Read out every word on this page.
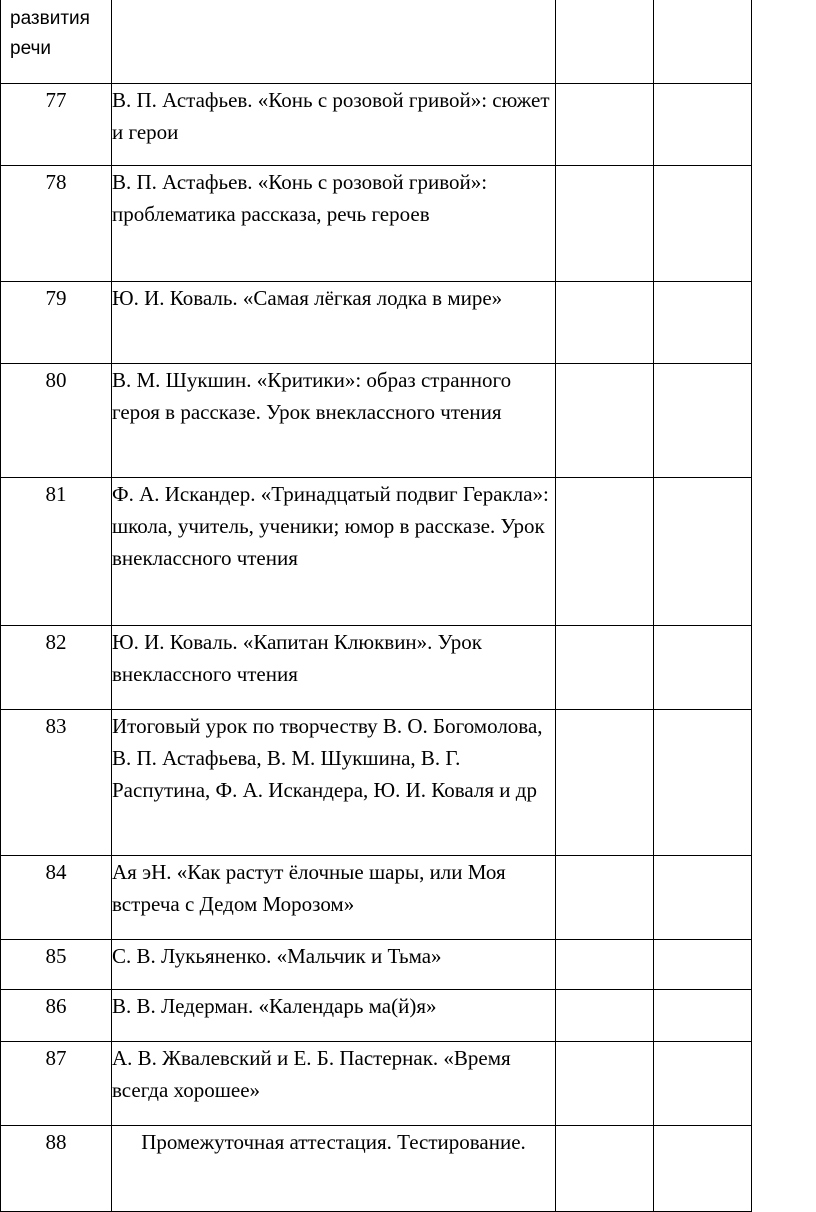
развития речи			
77	В. П. Астафьев. «Конь с розовой гривой»: сюжет и герои		
78	В. П. Астафьев. «Конь с розовой гривой»: проблематика рассказа, речь героев		
79	Ю. И. Коваль. «Самая лёгкая лодка в мире»		
80	В. М. Шукшин. «Критики»: образ странного героя в рассказе. Урок внеклассного чтения		
81	Ф. А. Искандер. «Тринадцатый подвиг Геракла»: школа, учитель, ученики; юмор в рассказе. Урок внеклассного чтения		
82	Ю. И. Коваль. «Капитан Клюквин». Урок внеклассного чтения		
83	Итоговый урок по творчеству В. О. Богомолова, В. П. Астафьева, В. М. Шукшина, В. Г. Распутина, Ф. А. Искандера, Ю. И. Коваля и др		
84	Ая эН. «Как растут ёлочные шары, или Моя встреча с Дедом Морозом»		
85	С. В. Лукьяненко. «Мальчик и Тьма»		
86	В. В. Ледерман. «Календарь ма(й)я»		
87	А. В. Жвалевский и Е. Б. Пастернак. «Время всегда хорошее»		
88	Промежуточная аттестация. Тестирование.		
